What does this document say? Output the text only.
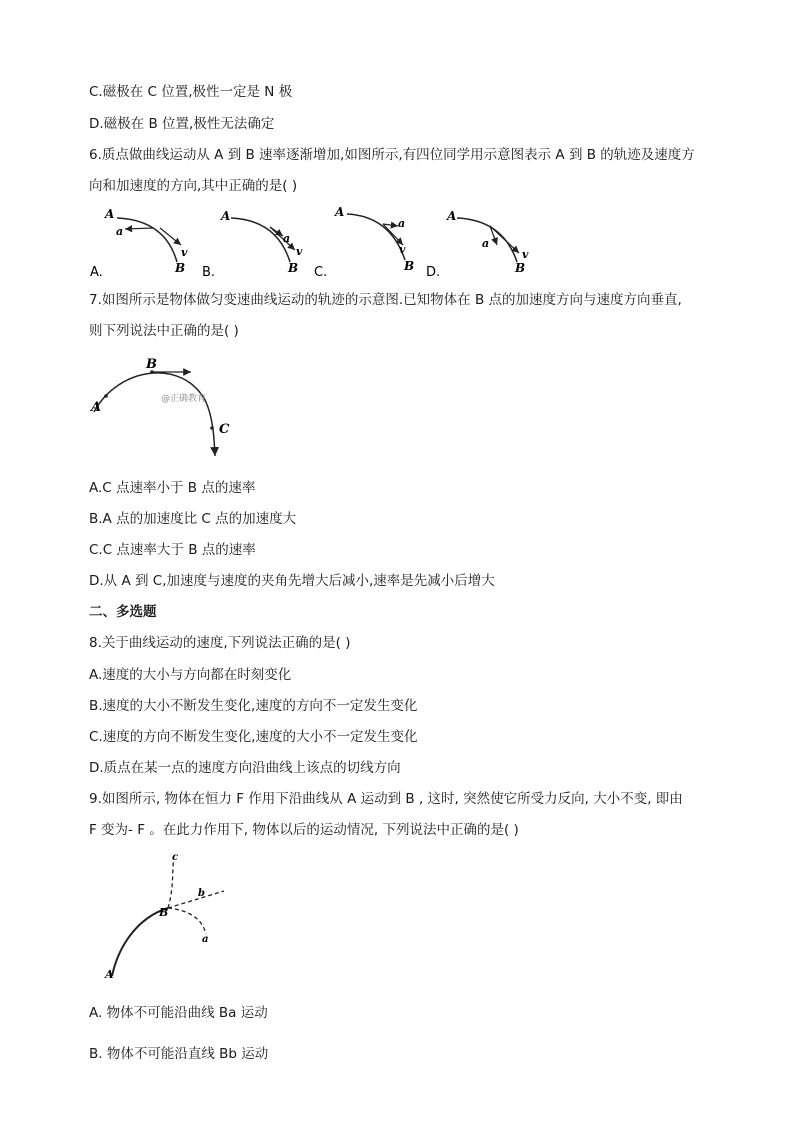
C.磁极在 C 位置,极性一定是 N 极
D.磁极在 B 位置,极性无法确定
6.质点做曲线运动从 A 到 B 速率逐渐增加,如图所示,有四位同学用示意图表示 A 到 B 的轨迹及速度方
向和加速度的方向,其中正确的是( )
A
a
v
B
A.
A
a
v
B
B.
A
a
v
B
C.
A
a
v
B
D.
7.如图所示是物体做匀变速曲线运动的轨迹的示意图.已知物体在 B 点的加速度方向与速度方向垂直,
则下列说法中正确的是( )
A
B
C
@正确教育
A.C 点速率小于 B 点的速率
B.A 点的加速度比 C 点的加速度大
C.C 点速率大于 B 点的速率
D.从 A 到 C,加速度与速度的夹角先增大后减小,速率是先减小后增大
二、多选题
8.关于曲线运动的速度,下列说法正确的是( )
A.速度的大小与方向都在时刻变化
B.速度的大小不断发生变化,速度的方向不一定发生变化
C.速度的方向不断发生变化,速度的大小不一定发生变化
D.质点在某一点的速度方向沿曲线上该点的切线方向
9.如图所示, 物体在恒力 F 作用下沿曲线从 A 运动到 B , 这时, 突然使它所受力反向, 大小不变, 即由
F 变为- F 。在此力作用下, 物体以后的运动情况, 下列说法中正确的是( )
A
B
c
b
a
A. 物体不可能沿曲线 Ba 运动
B. 物体不可能沿直线 Bb 运动
